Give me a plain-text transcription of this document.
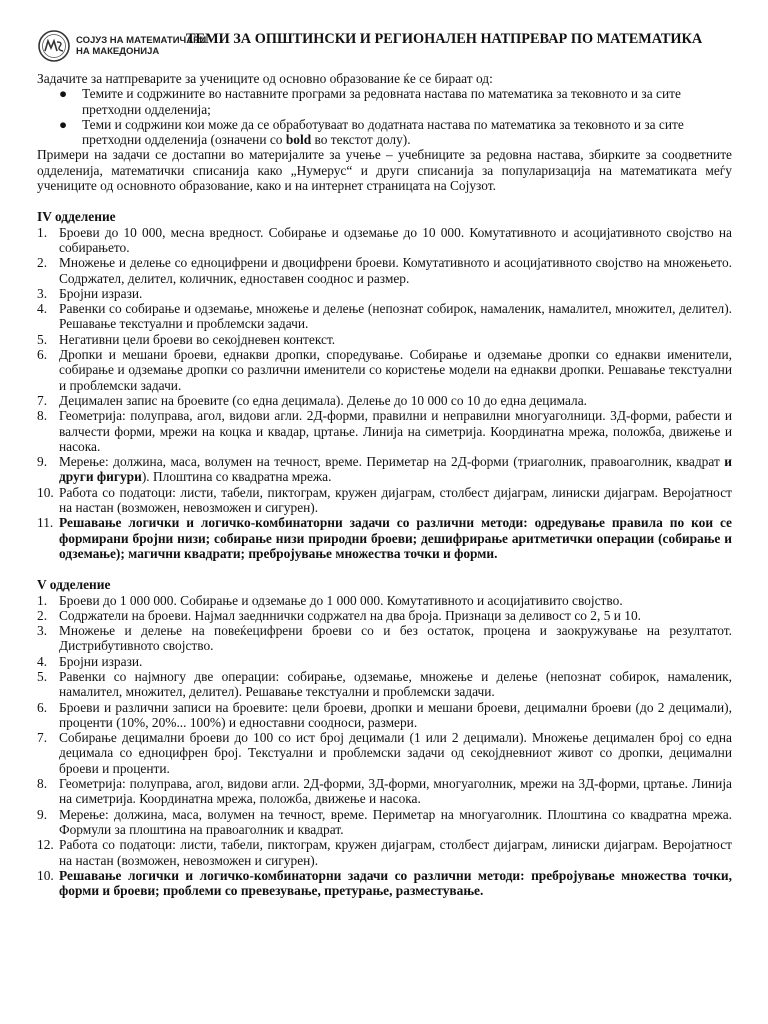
СОЈУЗ НА МАТЕМАТИЧАРИ
НА МАКЕДОНИЈА
ТЕМИ ЗА ОПШТИНСКИ И РЕГИОНАЛЕН НАТПРЕВАР ПО МАТЕМАТИКА

Задачите за натпреварите за учениците од основно образование ќе се бираат од:

● Темите и содржините во наставните програми за редовната настава по математика за тековното и за сите претходни одделенија;
● Теми и содржини кои може да се обработуваат во додатната настава по математика за тековното и за сите претходни одделенија (означени со bold во текстот долу).

Примери на задачи се достапни во материјалите за учење – учебниците за редовна настава, збирките за соодветните одделенија, математички списанија како „Нумерус“ и други списанија за популаризација на математиката меѓу учениците од основното образование, како и на интернет страницата на Сојузот.

IV одделение
1. Броеви до 10 000, месна вредност. Собирање и одземање до 10 000. Комутативното и асоцијативното својство на собирањето.
2. Множење и делење со едноцифрени и двоцифрени броеви. Комутативното и асоцијативното својство на множењето. Содржател, делител, количник, едноставен сооднос и размер.
3. Бројни изрази.
4. Равенки со собирање и одземање, множење и делење (непознат собирок, намаленик, намалител, множител, делител). Решавање текстуални и проблемски задачи.
5. Негативни цели броеви во секојдневен контекст.
6. Дропки и мешани броеви, еднакви дропки, споредување. Собирање и одземање дропки со еднакви именители, собирање и одземање дропки со различни именители со користење модели на еднакви дропки. Решавање текстуални и проблемски задачи.
7. Децимален запис на броевите (со една децимала). Делење до 10 000 со 10 до една децимала.
8. Геометрија: полуправа, агол, видови агли. 2Д-форми, правилни и неправилни многуаголници. 3Д-форми, рабести и валчести форми, мрежи на коцка и квадар, цртање. Линија на симетрија. Координатна мрежа, положба, движење и насока.
9. Мерење: должина, маса, волумен на течност, време. Периметар на 2Д-форми (триаголник, правоаголник, квадрат и други фигури). Плоштина со квадратна мрежа.
10. Работа со податоци: листи, табели, пиктограм, кружен дијаграм, столбест дијаграм, линиски дијаграм. Веројатност на настан (возможен, невозможен и сигурен).
11. Решавање логички и логичко-комбинаторни задачи со различни методи: одредување правила по кои се формирани бројни низи; собирање низи природни броеви; дешифрирање аритметички операции (собирање и одземање); магични квадрати; пребројување множества точки и форми.
V одделение
1. Броеви до 1 000 000. Собирање и одземање до 1 000 000. Комутативното и асоцијативито својство.
2. Содржатели на броеви. Најмал заедннички содржател на два броја. Признаци за деливост со 2, 5 и 10.
3. Множење и делење на повеќецифрени броеви со и без остаток, процена и заокружување на резултатот. Дистрибутивното својство.
4. Бројни изрази.
5. Равенки со најмногу две операции: собирање, одземање, множење и делење (непознат собирок, намаленик, намалител, множител, делител). Решавање текстуални и проблемски задачи.
6. Броеви и различни записи на броевите: цели броеви, дропки и мешани броеви, децимални броеви (до 2 децимали), проценти (10%, 20%... 100%) и едноставни соодноси, размери.
7. Собирање децимални броеви до 100 со ист број децимали (1 или 2 децимали). Множење децимален број со една децимала со едноцифрен број. Текстуални и проблемски задачи од секојдневниот живот со дропки, децимални броеви и проценти.
8. Геометрија: полуправа, агол, видови агли. 2Д-форми, 3Д-форми, многуаголник, мрежи на 3Д-форми, цртање. Линија на симетрија. Координатна мрежа, положба, движење и насока.
9. Мерење: должина, маса, волумен на течност, време. Периметар на многуаголник. Плоштина со квадратна мрежа. Формули за плоштина на правоаголник и квадрат.
12. Работа со податоци: листи, табели, пиктограм, кружен дијаграм, столбест дијаграм, линиски дијаграм. Веројатност на настан (возможен, невозможен и сигурен).
10. Решавање логички и логичко-комбинаторни задачи со различни методи: пребројување множества точки, форми и броеви; проблеми со превезување, претурање, разместување.
